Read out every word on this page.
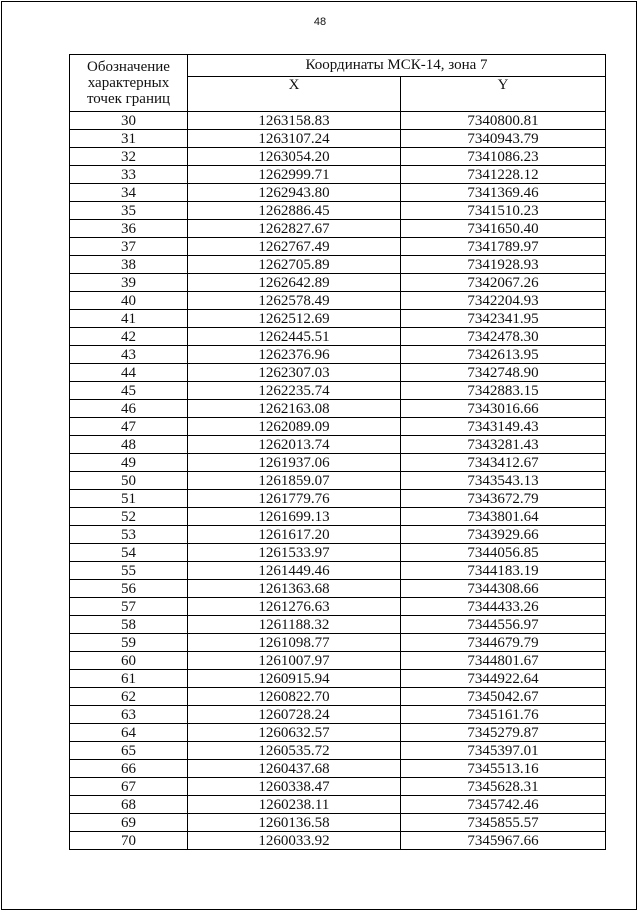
48
Обозначение характерных точек границ	Координаты МСК-14, зона 7	
	X	Y
30	1263158.83	7340800.81
31	1263107.24	7340943.79
32	1263054.20	7341086.23
33	1262999.71	7341228.12
34	1262943.80	7341369.46
35	1262886.45	7341510.23
36	1262827.67	7341650.40
37	1262767.49	7341789.97
38	1262705.89	7341928.93
39	1262642.89	7342067.26
40	1262578.49	7342204.93
41	1262512.69	7342341.95
42	1262445.51	7342478.30
43	1262376.96	7342613.95
44	1262307.03	7342748.90
45	1262235.74	7342883.15
46	1262163.08	7343016.66
47	1262089.09	7343149.43
48	1262013.74	7343281.43
49	1261937.06	7343412.67
50	1261859.07	7343543.13
51	1261779.76	7343672.79
52	1261699.13	7343801.64
53	1261617.20	7343929.66
54	1261533.97	7344056.85
55	1261449.46	7344183.19
56	1261363.68	7344308.66
57	1261276.63	7344433.26
58	1261188.32	7344556.97
59	1261098.77	7344679.79
60	1261007.97	7344801.67
61	1260915.94	7344922.64
62	1260822.70	7345042.67
63	1260728.24	7345161.76
64	1260632.57	7345279.87
65	1260535.72	7345397.01
66	1260437.68	7345513.16
67	1260338.47	7345628.31
68	1260238.11	7345742.46
69	1260136.58	7345855.57
70	1260033.92	7345967.66
